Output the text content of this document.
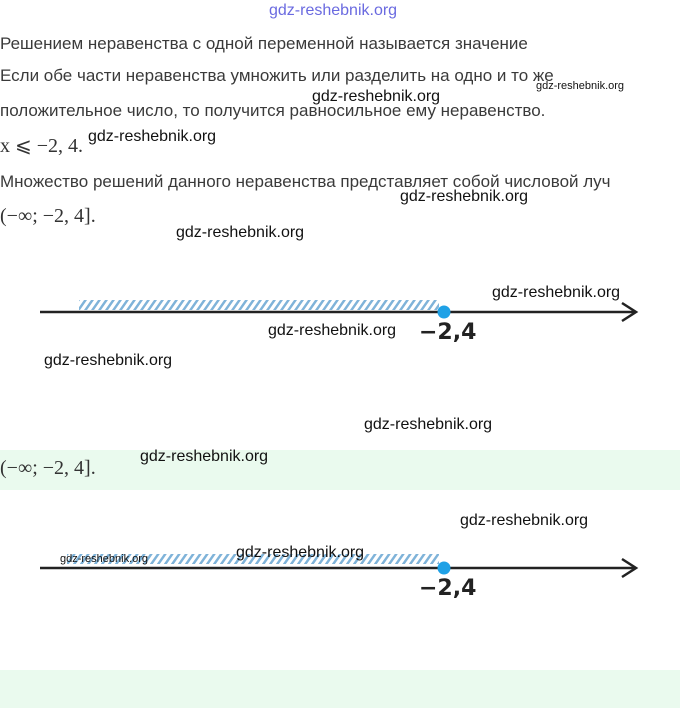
gdz-reshebnik.org
Решением неравенства с одной переменной называется значение
Если обе части неравенства умножить или разделить на одно и то же
положительное число, то получится равносильное ему неравенство.
x ⩽ −2, 4.
Множество решений данного неравенства представляет собой числовой луч
(−∞; −2, 4].
−2,4
(−∞; −2, 4].
−2,4
gdz-reshebnik.org
gdz-reshebnik.org
gdz-reshebnik.org
gdz-reshebnik.org
gdz-reshebnik.org
gdz-reshebnik.org
gdz-reshebnik.org
gdz-reshebnik.org
gdz-reshebnik.org
gdz-reshebnik.org
gdz-reshebnik.org
gdz-reshebnik.org
gdz-reshebnik.org
